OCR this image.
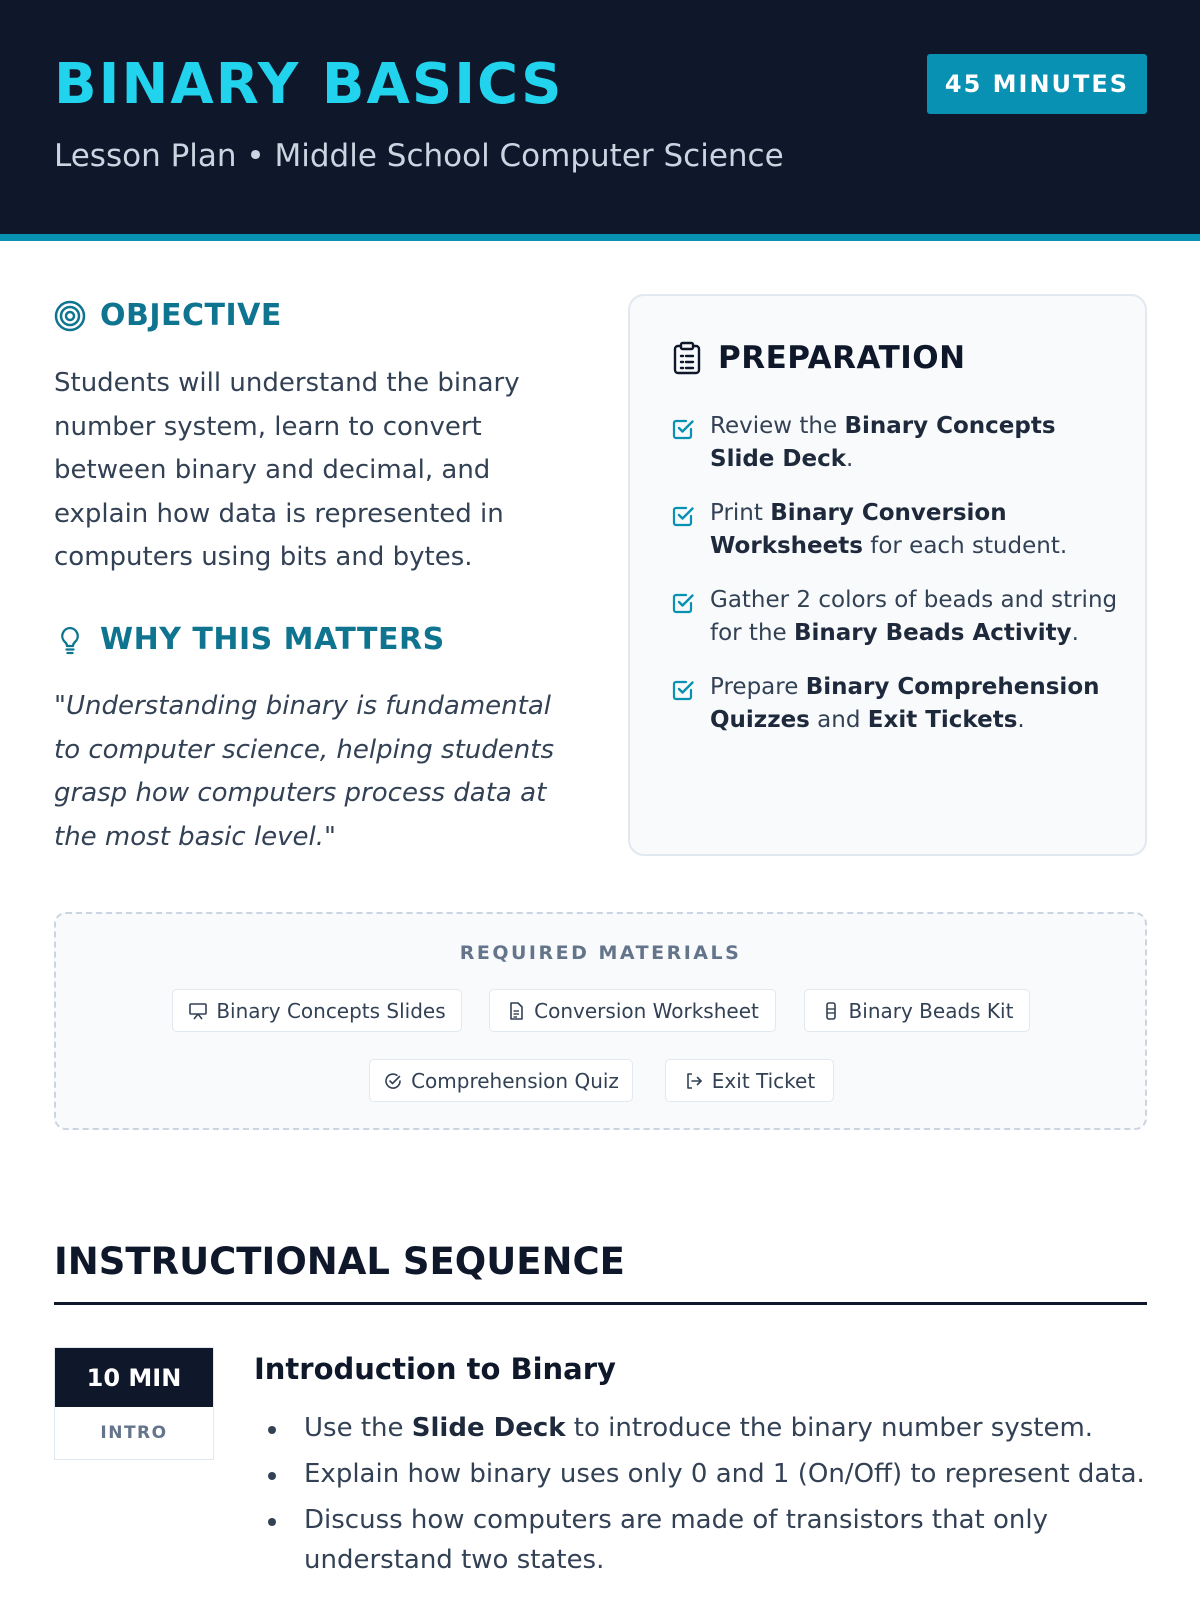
BINARY BASICS
Lesson Plan • Middle School Computer Science
45 MINUTES
OBJECTIVE
Students will understand the binary number system, learn to convert between binary and decimal, and explain how data is represented in computers using bits and bytes.
WHY THIS MATTERS
"Understanding binary is fundamental to computer science, helping students grasp how computers process data at the most basic level."
PREPARATION
Review the Binary Concepts Slide Deck.
Print Binary Conversion Worksheets for each student.
Gather 2 colors of beads and string for the Binary Beads Activity.
Prepare Binary Comprehension Quizzes and Exit Tickets.
REQUIRED MATERIALS
Binary Concepts Slides	Conversion Worksheet	Binary Beads Kit
Comprehension Quiz	Exit Ticket
INSTRUCTIONAL SEQUENCE
10 MIN
INTRO
Introduction to Binary
Use the Slide Deck to introduce the binary number system.
Explain how binary uses only 0 and 1 (On/Off) to represent data.
Discuss how computers are made of transistors that only understand two states.
